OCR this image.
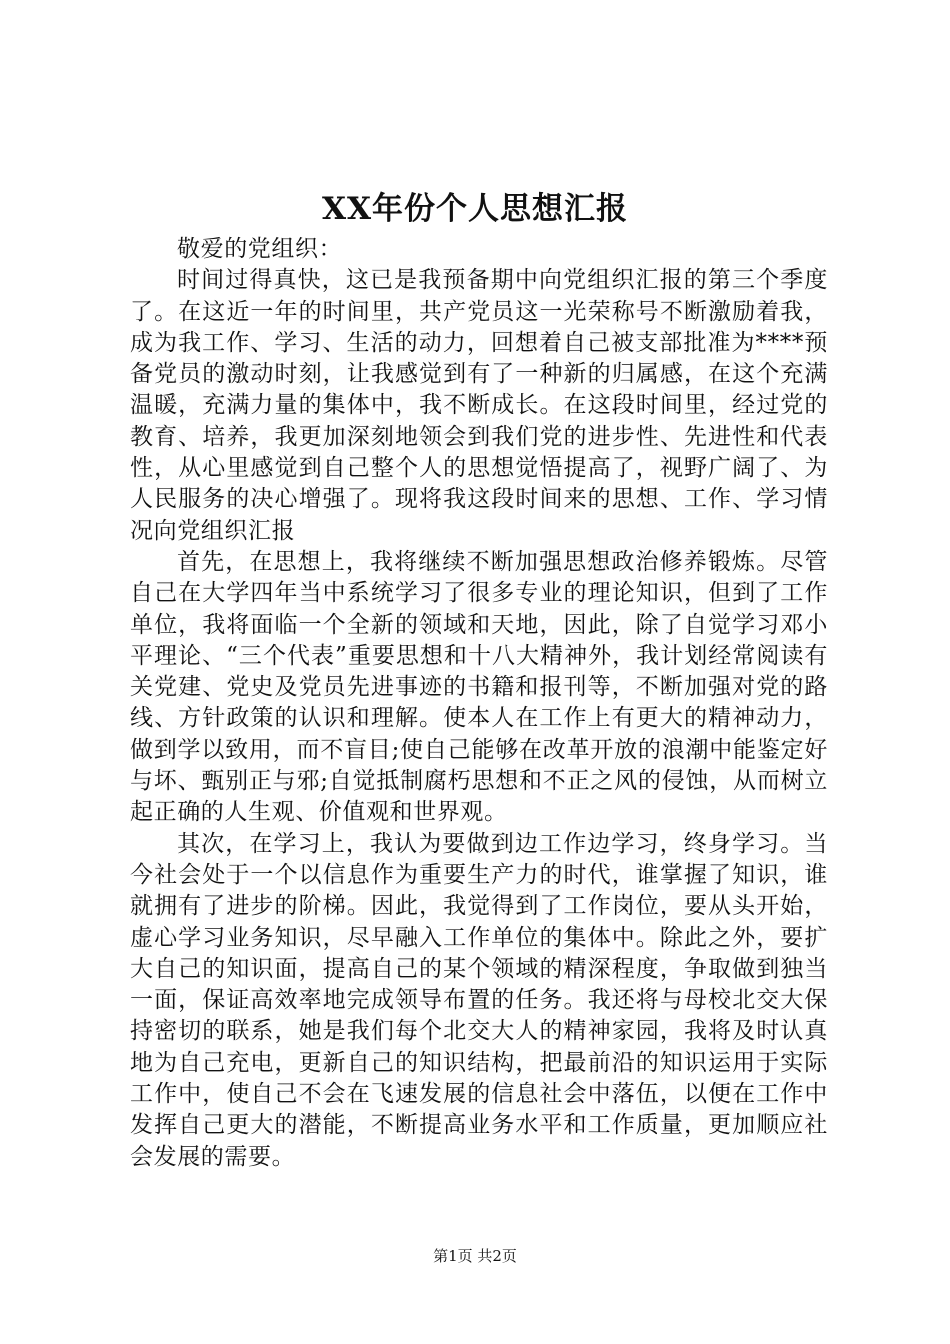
XX年份个人思想汇报

敬爱的党组织：

时间过得真快，这已是我预备期中向党组织汇报的第三个季度了。在这近一年的时间里，共产党员这一光荣称号不断激励着我，成为我工作、学习、生活的动力，回想着自己被支部批准为****预备党员的激动时刻，让我感觉到有了一种新的归属感，在这个充满温暖，充满力量的集体中，我不断成长。在这段时间里，经过党的教育、培养，我更加深刻地领会到我们党的进步性、先进性和代表性，从心里感觉到自己整个人的思想觉悟提高了，视野广阔了、为人民服务的决心增强了。现将我这段时间来的思想、工作、学习情况向党组织汇报

首先，在思想上，我将继续不断加强思想政治修养锻炼。尽管自己在大学四年当中系统学习了很多专业的理论知识，但到了工作单位，我将面临一个全新的领域和天地，因此，除了自觉学习邓小平理论、“三个代表”重要思想和十八大精神外，我计划经常阅读有关党建、党史及党员先进事迹的书籍和报刊等，不断加强对党的路线、方针政策的认识和理解。使本人在工作上有更大的精神动力，做到学以致用，而不盲目;使自己能够在改革开放的浪潮中能鉴定好与坏、甄别正与邪;自觉抵制腐朽思想和不正之风的侵蚀，从而树立起正确的人生观、价值观和世界观。

其次，在学习上，我认为要做到边工作边学习，终身学习。当今社会处于一个以信息作为重要生产力的时代，谁掌握了知识，谁就拥有了进步的阶梯。因此，我觉得到了工作岗位，要从头开始，虚心学习业务知识，尽早融入工作单位的集体中。除此之外，要扩大自己的知识面，提高自己的某个领域的精深程度，争取做到独当一面，保证高效率地完成领导布置的任务。我还将与母校北交大保持密切的联系，她是我们每个北交大人的精神家园，我将及时认真地为自己充电，更新自己的知识结构，把最前沿的知识运用于实际工作中，使自己不会在飞速发展的信息社会中落伍，以便在工作中发挥自己更大的潜能，不断提高业务水平和工作质量，更加顺应社会发展的需要。

第1页 共2页
